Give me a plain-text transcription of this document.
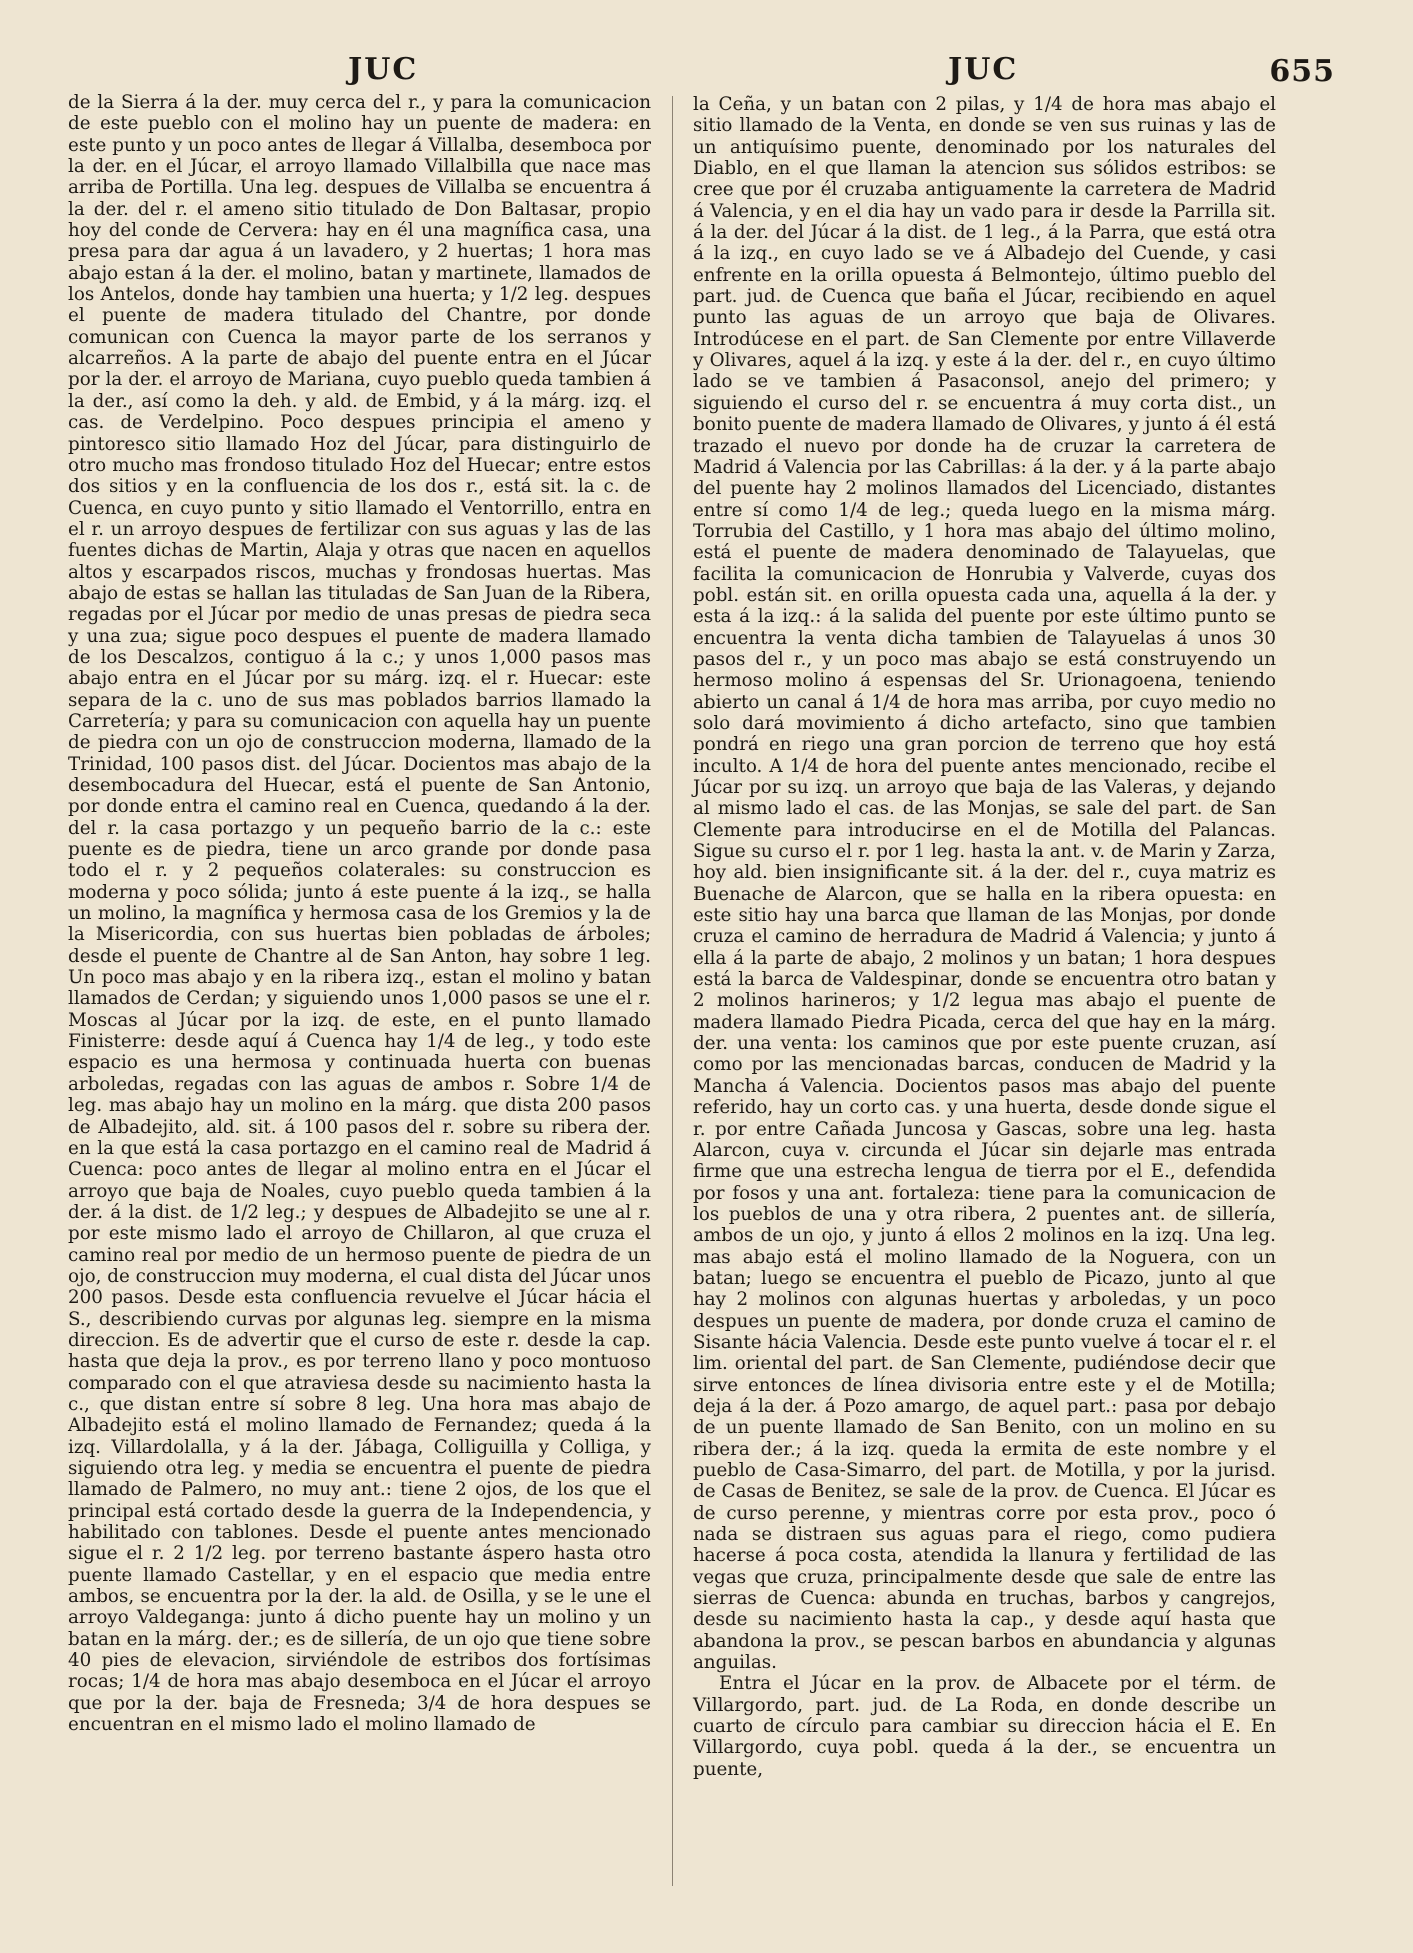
JUC	JUC	655

de la Sierra á la der. muy cerca del r., y para la comunicacion de este pueblo con el molino hay un puente de madera: en este punto y un poco antes de llegar á Villalba, desemboca por la der. en el Júcar, el arroyo llamado Villalbilla que nace mas arriba de Portilla. Una leg. despues de Villalba se encuentra á la der. del r. el ameno sitio titulado de Don Baltasar, propio hoy del conde de Cervera: hay en él una magnífica casa, una presa para dar agua á un lavadero, y 2 huertas; 1 hora mas abajo estan á la der. el molino, batan y martinete, llamados de los Antelos, donde hay tambien una huerta; y 1/2 leg. despues el puente de madera titulado del Chantre, por donde comunican con Cuenca la mayor parte de los serranos y alcarreños. A la parte de abajo del puente entra en el Júcar por la der. el arroyo de Mariana, cuyo pueblo queda tambien á la der., así como la deh. y ald. de Embid, y á la márg. izq. el cas. de Verdelpino. Poco despues principia el ameno y pintoresco sitio llamado Hoz del Júcar, para distinguirlo de otro mucho mas frondoso titulado Hoz del Huecar; entre estos dos sitios y en la confluencia de los dos r., está sit. la c. de Cuenca, en cuyo punto y sitio llamado el Ventorrillo, entra en el r. un arroyo despues de fertilizar con sus aguas y las de las fuentes dichas de Martin, Alaja y otras que nacen en aquellos altos y escarpados riscos, muchas y frondosas huertas. Mas abajo de estas se hallan las tituladas de San Juan de la Ribera, regadas por el Júcar por medio de unas presas de piedra seca y una zua; sigue poco despues el puente de madera llamado de los Descalzos, contiguo á la c.; y unos 1,000 pasos mas abajo entra en el Júcar por su márg. izq. el r. Huecar: este separa de la c. uno de sus mas poblados barrios llamado la Carretería; y para su comunicacion con aquella hay un puente de piedra con un ojo de construccion moderna, llamado de la Trinidad, 100 pasos dist. del Júcar. Docientos mas abajo de la desembocadura del Huecar, está el puente de San Antonio, por donde entra el camino real en Cuenca, quedando á la der. del r. la casa portazgo y un pequeño barrio de la c.: este puente es de piedra, tiene un arco grande por donde pasa todo el r. y 2 pequeños colaterales: su construccion es moderna y poco sólida; junto á este puente á la izq., se halla un molino, la magnífica y hermosa casa de los Gremios y la de la Misericordia, con sus huertas bien pobladas de árboles; desde el puente de Chantre al de San Anton, hay sobre 1 leg. Un poco mas abajo y en la ribera izq., estan el molino y batan llamados de Cerdan; y siguiendo unos 1,000 pasos se une el r. Moscas al Júcar por la izq. de este, en el punto llamado Finisterre: desde aquí á Cuenca hay 1/4 de leg., y todo este espacio es una hermosa y continuada huerta con buenas arboledas, regadas con las aguas de ambos r. Sobre 1/4 de leg. mas abajo hay un molino en la márg. que dista 200 pasos de Albadejito, ald. sit. á 100 pasos del r. sobre su ribera der. en la que está la casa portazgo en el camino real de Madrid á Cuenca: poco antes de llegar al molino entra en el Júcar el arroyo que baja de Noales, cuyo pueblo queda tambien á la der. á la dist. de 1/2 leg.; y despues de Albadejito se une al r. por este mismo lado el arroyo de Chillaron, al que cruza el camino real por medio de un hermoso puente de piedra de un ojo, de construccion muy moderna, el cual dista del Júcar unos 200 pasos. Desde esta confluencia revuelve el Júcar hácia el S., describiendo curvas por algunas leg. siempre en la misma direccion. Es de advertir que el curso de este r. desde la cap. hasta que deja la prov., es por terreno llano y poco montuoso comparado con el que atraviesa desde su nacimiento hasta la c., que distan entre sí sobre 8 leg. Una hora mas abajo de Albadejito está el molino llamado de Fernandez; queda á la izq. Villardolalla, y á la der. Jábaga, Colliguilla y Colliga, y siguiendo otra leg. y media se encuentra el puente de piedra llamado de Palmero, no muy ant.: tiene 2 ojos, de los que el principal está cortado desde la guerra de la Independencia, y habilitado con tablones. Desde el puente antes mencionado sigue el r. 2 1/2 leg. por terreno bastante áspero hasta otro puente llamado Castellar, y en el espacio que media entre ambos, se encuentra por la der. la ald. de Osilla, y se le une el arroyo Valdeganga: junto á dicho puente hay un molino y un batan en la márg. der.; es de sillería, de un ojo que tiene sobre 40 pies de elevacion, sirviéndole de estribos dos fortísimas rocas; 1/4 de hora mas abajo desemboca en el Júcar el arroyo que por la der. baja de Fresneda; 3/4 de hora despues se encuentran en el mismo lado el molino llamado de

la Ceña, y un batan con 2 pilas, y 1/4 de hora mas abajo el sitio llamado de la Venta, en donde se ven sus ruinas y las de un antiquísimo puente, denominado por los naturales del Diablo, en el que llaman la atencion sus sólidos estribos: se cree que por él cruzaba antiguamente la carretera de Madrid á Valencia, y en el dia hay un vado para ir desde la Parrilla sit. á la der. del Júcar á la dist. de 1 leg., á la Parra, que está otra á la izq., en cuyo lado se ve á Albadejo del Cuende, y casi enfrente en la orilla opuesta á Belmontejo, último pueblo del part. jud. de Cuenca que baña el Júcar, recibiendo en aquel punto las aguas de un arroyo que baja de Olivares. Introdúcese en el part. de San Clemente por entre Villaverde y Olivares, aquel á la izq. y este á la der. del r., en cuyo último lado se ve tambien á Pasaconsol, anejo del primero; y siguiendo el curso del r. se encuentra á muy corta dist., un bonito puente de madera llamado de Olivares, y junto á él está trazado el nuevo por donde ha de cruzar la carretera de Madrid á Valencia por las Cabrillas: á la der. y á la parte abajo del puente hay 2 molinos llamados del Licenciado, distantes entre sí como 1/4 de leg.; queda luego en la misma márg. Torrubia del Castillo, y 1 hora mas abajo del último molino, está el puente de madera denominado de Talayuelas, que facilita la comunicacion de Honrubia y Valverde, cuyas dos pobl. están sit. en orilla opuesta cada una, aquella á la der. y esta á la izq.: á la salida del puente por este último punto se encuentra la venta dicha tambien de Talayuelas á unos 30 pasos del r., y un poco mas abajo se está construyendo un hermoso molino á espensas del Sr. Urionagoena, teniendo abierto un canal á 1/4 de hora mas arriba, por cuyo medio no solo dará movimiento á dicho artefacto, sino que tambien pondrá en riego una gran porcion de terreno que hoy está inculto. A 1/4 de hora del puente antes mencionado, recibe el Júcar por su izq. un arroyo que baja de las Valeras, y dejando al mismo lado el cas. de las Monjas, se sale del part. de San Clemente para introducirse en el de Motilla del Palancas. Sigue su curso el r. por 1 leg. hasta la ant. v. de Marin y Zarza, hoy ald. bien insignificante sit. á la der. del r., cuya matriz es Buenache de Alarcon, que se halla en la ribera opuesta: en este sitio hay una barca que llaman de las Monjas, por donde cruza el camino de herradura de Madrid á Valencia; y junto á ella á la parte de abajo, 2 molinos y un batan; 1 hora despues está la barca de Valdespinar, donde se encuentra otro batan y 2 molinos harineros; y 1/2 legua mas abajo el puente de madera llamado Piedra Picada, cerca del que hay en la márg. der. una venta: los caminos que por este puente cruzan, así como por las mencionadas barcas, conducen de Madrid y la Mancha á Valencia. Docientos pasos mas abajo del puente referido, hay un corto cas. y una huerta, desde donde sigue el r. por entre Cañada Juncosa y Gascas, sobre una leg. hasta Alarcon, cuya v. circunda el Júcar sin dejarle mas entrada firme que una estrecha lengua de tierra por el E., defendida por fosos y una ant. fortaleza: tiene para la comunicacion de los pueblos de una y otra ribera, 2 puentes ant. de sillería, ambos de un ojo, y junto á ellos 2 molinos en la izq. Una leg. mas abajo está el molino llamado de la Noguera, con un batan; luego se encuentra el pueblo de Picazo, junto al que hay 2 molinos con algunas huertas y arboledas, y un poco despues un puente de madera, por donde cruza el camino de Sisante hácia Valencia. Desde este punto vuelve á tocar el r. el lim. oriental del part. de San Clemente, pudiéndose decir que sirve entonces de línea divisoria entre este y el de Motilla; deja á la der. á Pozo amargo, de aquel part.: pasa por debajo de un puente llamado de San Benito, con un molino en su ribera der.; á la izq. queda la ermita de este nombre y el pueblo de Casa-Simarro, del part. de Motilla, y por la jurisd. de Casas de Benitez, se sale de la prov. de Cuenca. El Júcar es de curso perenne, y mientras corre por esta prov., poco ó nada se distraen sus aguas para el riego, como pudiera hacerse á poca costa, atendida la llanura y fertilidad de las vegas que cruza, principalmente desde que sale de entre las sierras de Cuenca: abunda en truchas, barbos y cangrejos, desde su nacimiento hasta la cap., y desde aquí hasta que abandona la prov., se pescan barbos en abundancia y algunas anguilas.

Entra el Júcar en la prov. de Albacete por el térm. de Villargordo, part. jud. de La Roda, en donde describe un cuarto de círculo para cambiar su direccion hácia el E. En Villargordo, cuya pobl. queda á la der., se encuentra un puente,
